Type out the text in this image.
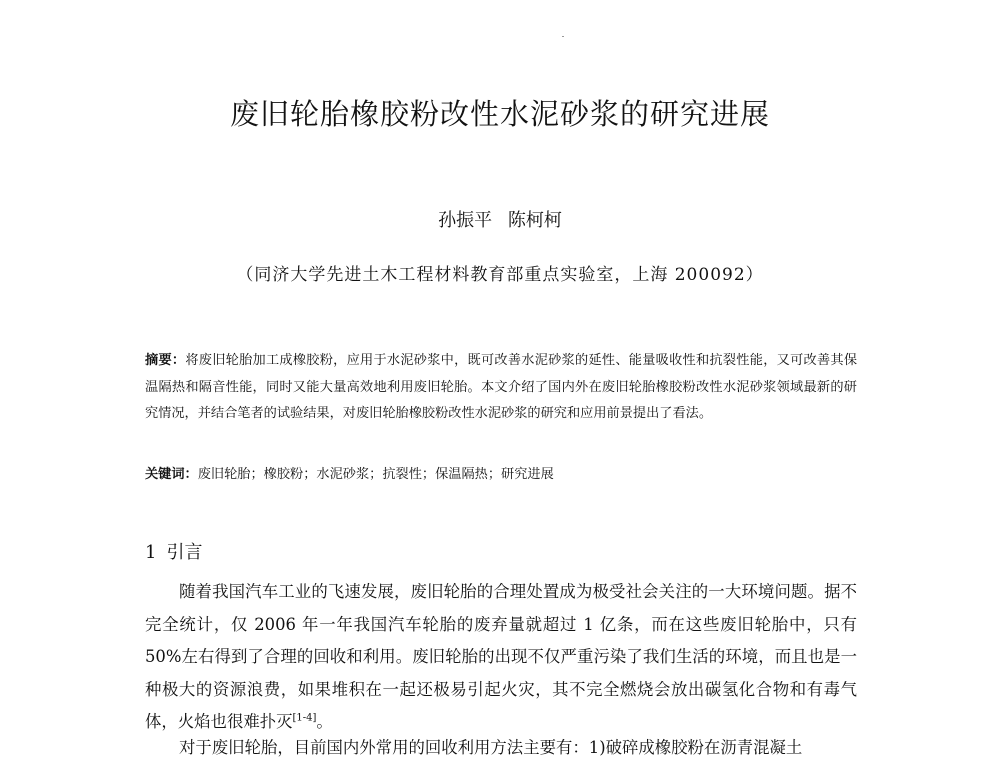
废旧轮胎橡胶粉改性水泥砂浆的研究进展
孙振平 陈柯柯
（同济大学先进土木工程材料教育部重点实验室，上海 200092）
摘要：将废旧轮胎加工成橡胶粉，应用于水泥砂浆中，既可改善水泥砂浆的延性、能量吸收性和抗裂性能，又可改善其保温隔热和隔音性能，同时又能大量高效地利用废旧轮胎。本文介绍了国内外在废旧轮胎橡胶粉改性水泥砂浆领域最新的研究情况，并结合笔者的试验结果，对废旧轮胎橡胶粉改性水泥砂浆的研究和应用前景提出了看法。
关键词：废旧轮胎；橡胶粉；水泥砂浆；抗裂性；保温隔热；研究进展
1 引言

随着我国汽车工业的飞速发展，废旧轮胎的合理处置成为极受社会关注的一大环境问题。据不完全统计，仅 2006 年一年我国汽车轮胎的废弃量就超过 1 亿条，而在这些废旧轮胎中，只有 50%左右得到了合理的回收和利用。废旧轮胎的出现不仅严重污染了我们生活的环境，而且也是一种极大的资源浪费，如果堆积在一起还极易引起火灾，其不完全燃烧会放出碳氢化合物和有毒气体，火焰也很难扑灭[1-4]。

对于废旧轮胎，目前国内外常用的回收利用方法主要有：1)破碎成橡胶粉在沥青混凝土
